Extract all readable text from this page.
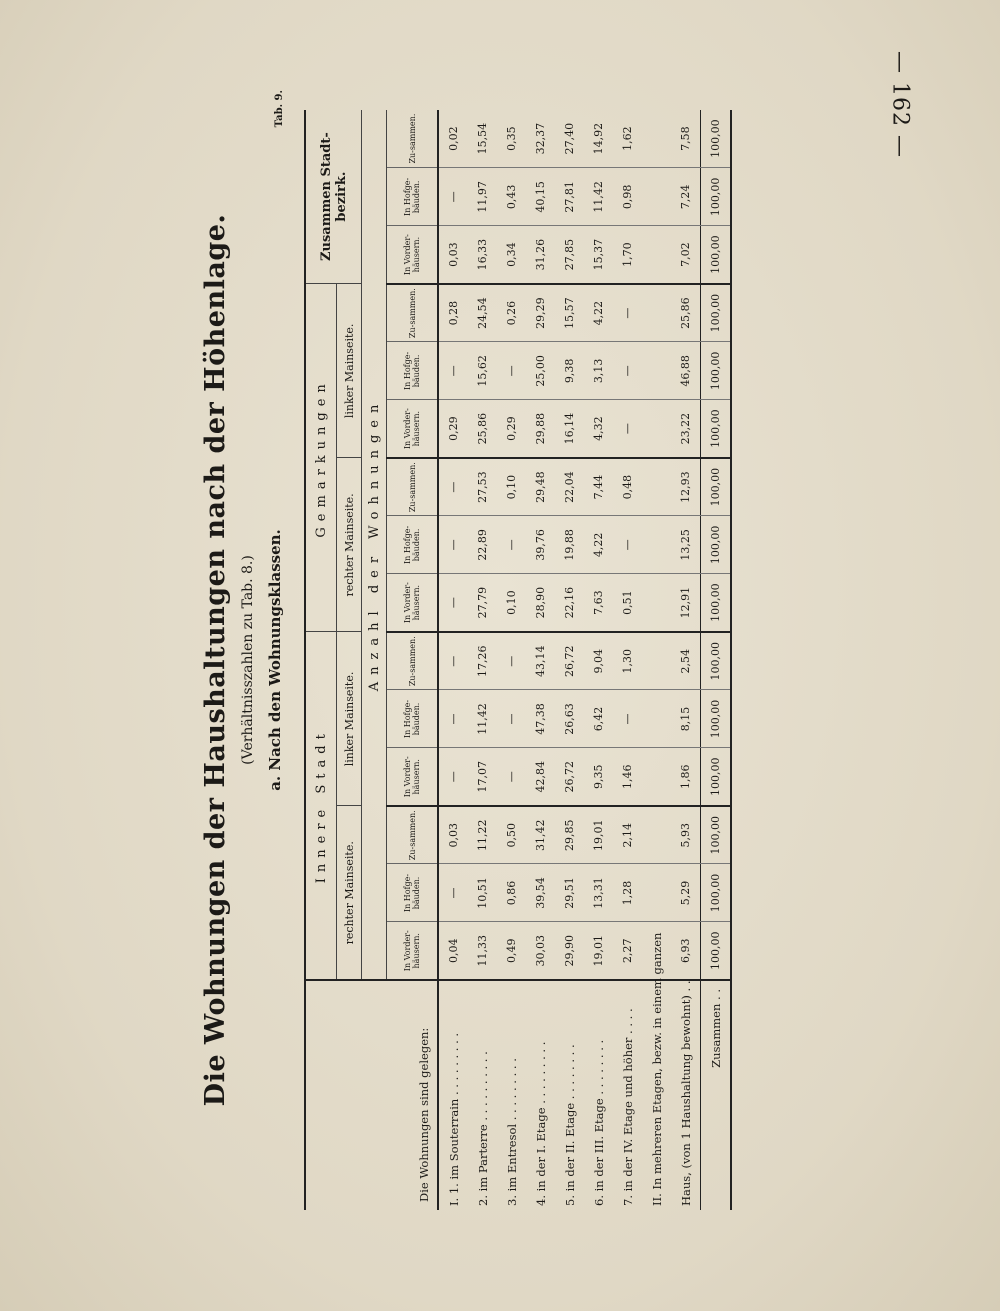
— 162 —
Die Wohnungen der Haushaltungen nach der Höhenlage. (Verhältnisszahlen zu Tab. 8.) a. Nach den Wohnungsklassen.
Tab. 9.
Die Wohnungen sind gelegen:	Innere Stadt						Gemarkungen						Zusammen Stadt-bezirk.		
	rechter Mainseite.			linker Mainseite.			rechter Mainseite.			linker Mainseite.					
	Anzahl der Wohnungen														
	In Vorder-häusern.	In Hofge-bäuden.	Zu-sammen.	In Vorder-häusern.	In Hofge-bäuden.	Zu-sammen.	In Vorder-häusern.	In Hofge-bäuden.	Zu-sammen.	In Vorder-häusern.	In Hofge-bäuden.	Zu-sammen.	In Vorder-häusern.	In Hofge-bäuden.	Zu-sammen.
I. 1. im Souterrain . . . . . . . . .	0,04	—	0,03	—	—	—	—	—	—	0,29	—	0,28	0,03	—	0,02
2. im Parterre . . . . . . . . . .	11,33	10,51	11,22	17,07	11,42	17,26	27,79	22,89	27,53	25,86	15,62	24,54	16,33	11,97	15,54
3. im Entresol . . . . . . . . .	0,49	0,86	0,50	—	—	—	0,10	—	0,10	0,29	—	0,26	0,34	0,43	0,35
4. in der I. Etage . . . . . . . . .	30,03	39,54	31,42	42,84	47,38	43,14	28,90	39,76	29,48	29,88	25,00	29,29	31,26	40,15	32,37
5. in der II. Etage . . . . . . . .	29,90	29,51	29,85	26,72	26,63	26,72	22,16	19,88	22,04	16,14	9,38	15,57	27,85	27,81	27,40
6. in der III. Etage . . . . . . . .	19,01	13,31	19,01	9,35	6,42	9,04	7,63	4,22	7,44	4,32	3,13	4,22	15,37	11,42	14,92
7. in der IV. Etage und höher . . . .	2,27	1,28	2,14	1,46	—	1,30	0,51	—	0,48	—	—	—	1,70	0,98	1,62
II. In mehreren Etagen, bezw. in einem ganzen															
Haus, (von 1 Haushaltung bewohnt) . .	6,93	5,29	5,93	1,86	8,15	2,54	12,91	13,25	12,93	23,22	46,88	25,86	7,02	7,24	7,58
Zusammen . .	100,00	100,00	100,00	100,00	100,00	100,00	100,00	100,00	100,00	100,00	100,00	100,00	100,00	100,00	100,00
